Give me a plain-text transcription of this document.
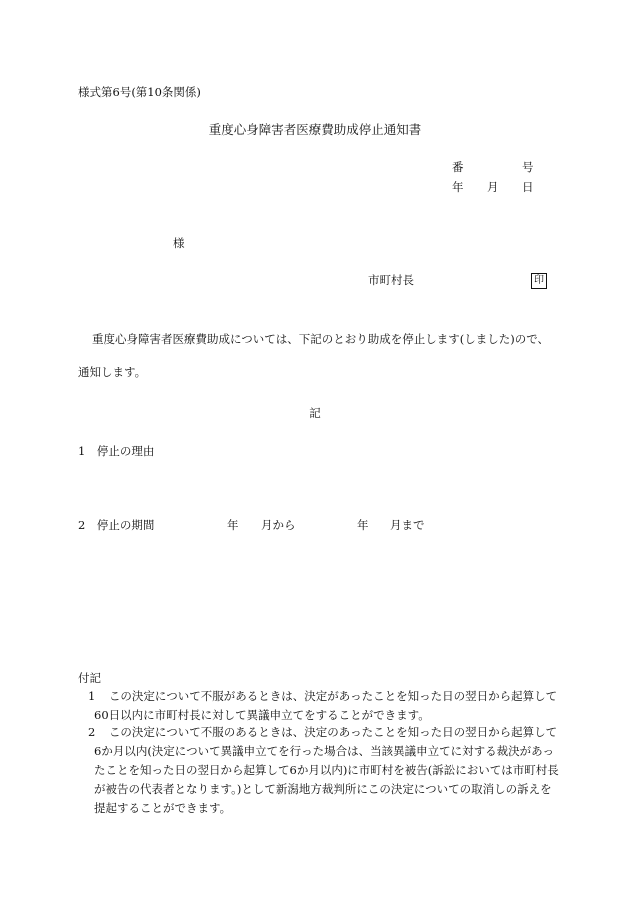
様式第6号(第10条関係)
重度心身障害者医療費助成停止通知書
番	号
年 月 日
様
市町村長	印
重度心身障害者医療費助成については、下記のとおり助成を停止します(しました)ので、
通知します。
記
1　停止の理由
2　停止の期間	年 月から	年 月まで
付記
1	この決定について不服があるときは、決定があったことを知った日の翌日から起算して60日以内に市町村長に対して異議申立てをすることができます。
2	この決定について不服のあるときは、決定のあったことを知った日の翌日から起算して6か月以内(決定について異議申立てを行った場合は、当該異議申立てに対する裁決があったことを知った日の翌日から起算して6か月以内)に市町村を被告(訴訟においては市町村長が被告の代表者となります。)として新潟地方裁判所にこの決定についての取消しの訴えを提起することができます。
